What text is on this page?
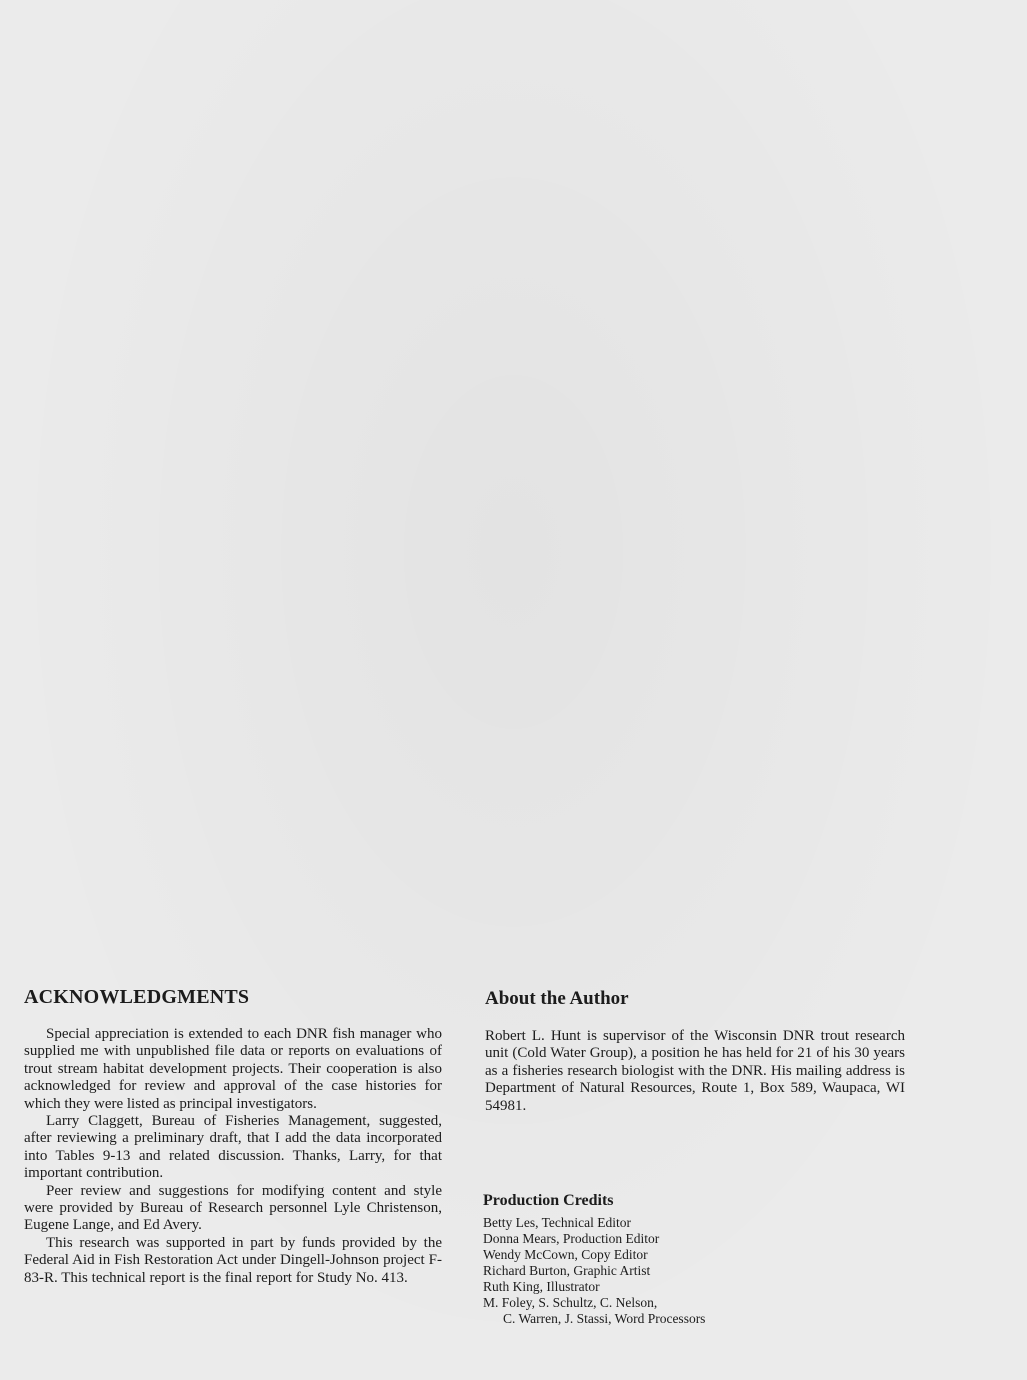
ACKNOWLEDGMENTS

Special appreciation is extended to each DNR fish manager who supplied me with unpublished file data or reports on evaluations of trout stream habitat development projects. Their cooperation is also acknowledged for review and approval of the case histories for which they were listed as principal investigators.

Larry Claggett, Bureau of Fisheries Management, suggested, after reviewing a preliminary draft, that I add the data incorporated into Tables 9-13 and related discussion. Thanks, Larry, for that important contribution.

Peer review and suggestions for modifying content and style were provided by Bureau of Research personnel Lyle Christenson, Eugene Lange, and Ed Avery.

This research was supported in part by funds provided by the Federal Aid in Fish Restoration Act under Dingell-Johnson project F-83-R. This technical report is the final report for Study No. 413.

About the Author

Robert L. Hunt is supervisor of the Wisconsin DNR trout research unit (Cold Water Group), a position he has held for 21 of his 30 years as a fisheries research biologist with the DNR. His mailing address is Department of Natural Resources, Route 1, Box 589, Waupaca, WI 54981.

Production Credits
Betty Les, Technical Editor
Donna Mears, Production Editor
Wendy McCown, Copy Editor
Richard Burton, Graphic Artist
Ruth King, Illustrator
M. Foley, S. Schultz, C. Nelson,
C. Warren, J. Stassi, Word Processors
